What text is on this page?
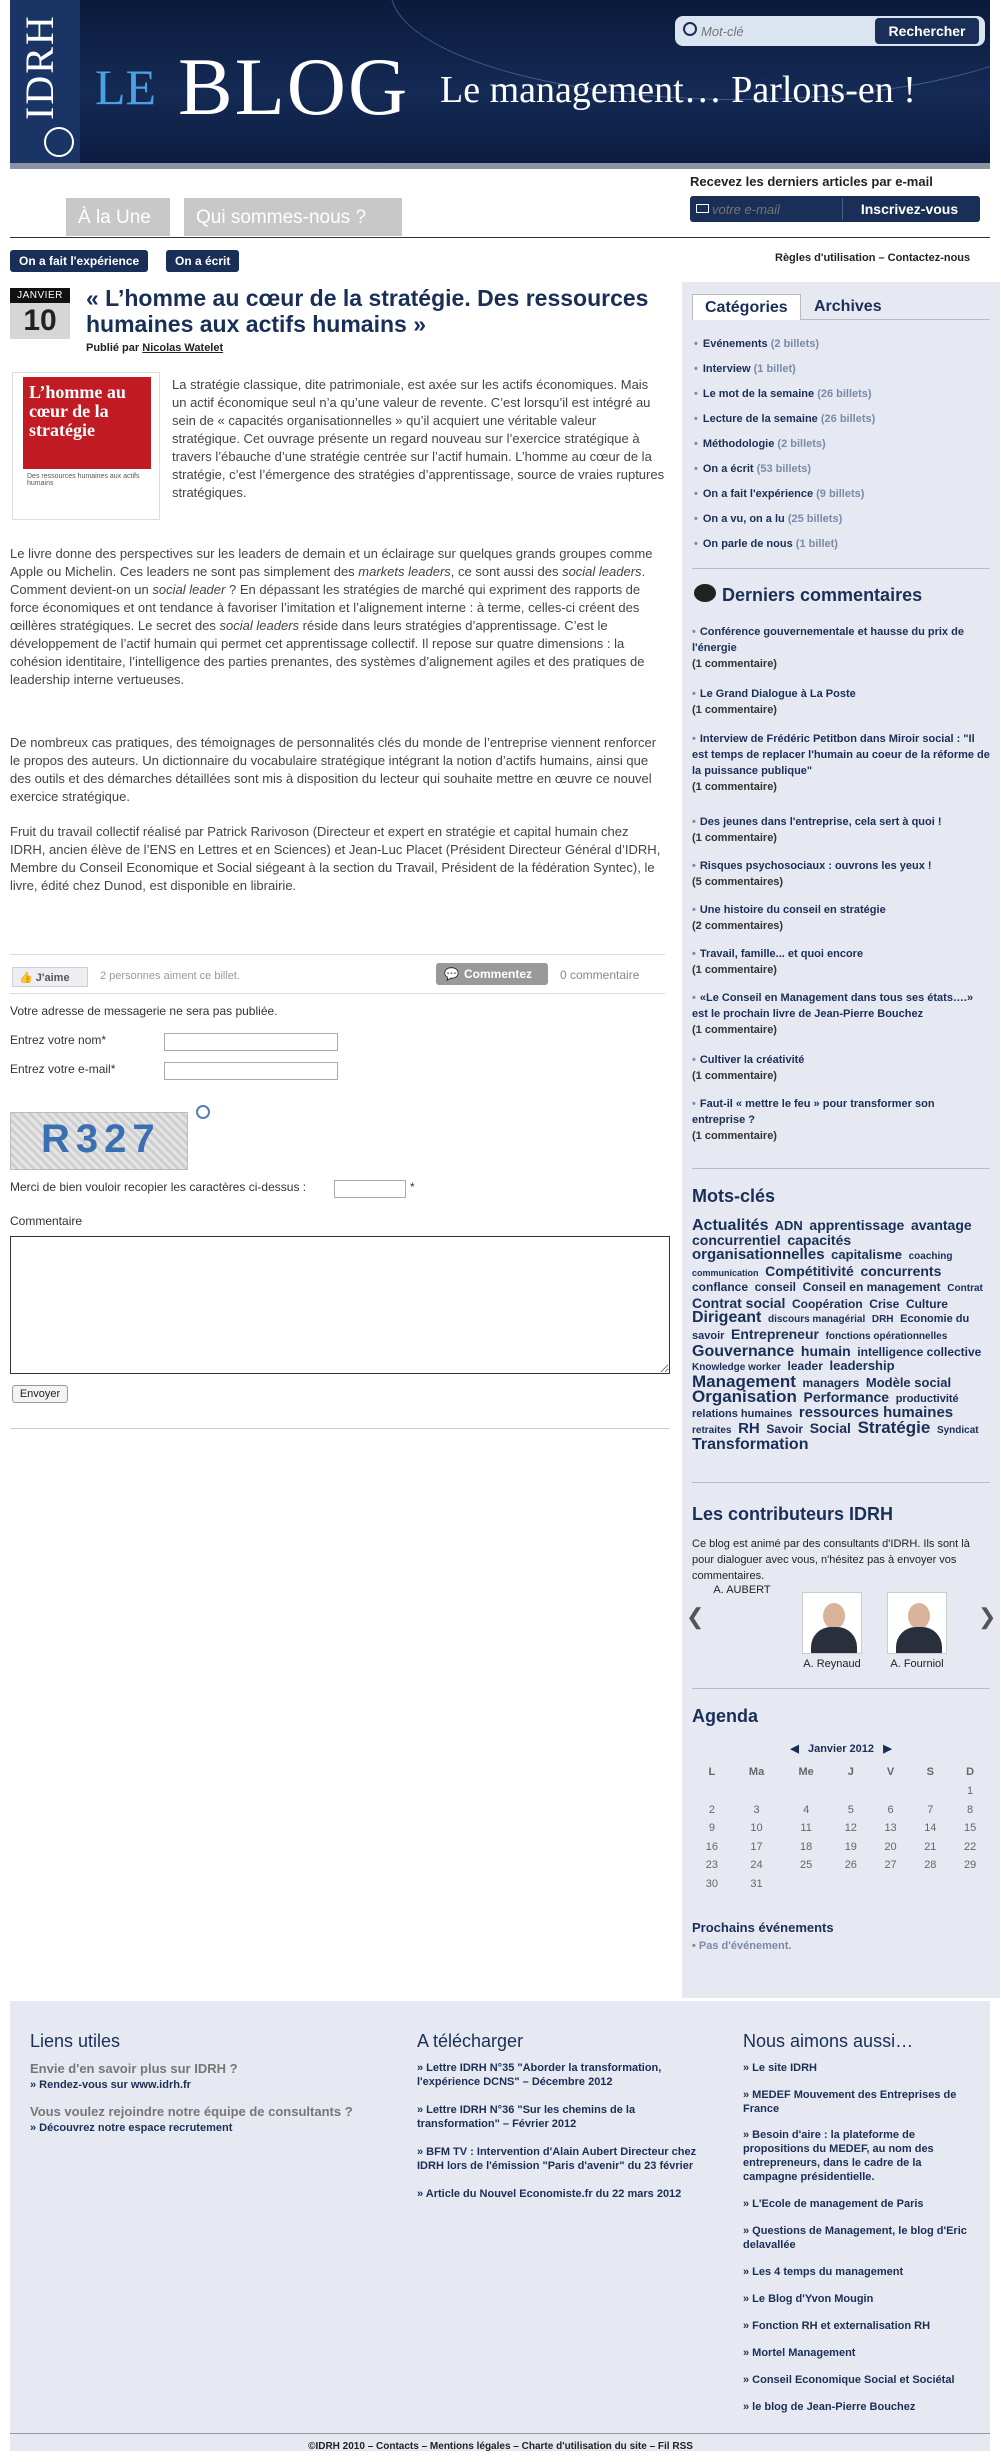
IDRH LE BLOG Le management… Parlons-en !
Mot-clé
Rechercher
Recevez les derniers articles par e-mail
votre e-mail
Inscrivez-vous
À la Une	Qui sommes-nous ?
On a fait l'expérience	On a écrit	Règles d'utilisation – Contactez-nous
JANVIER
10
« L’homme au cœur de la stratégie. Des ressources humaines aux actifs humains »
Publié par Nicolas Watelet
L’homme au cœur de la stratégie
Des ressources humaines aux actifs humains
La stratégie classique, dite patrimoniale, est axée sur les actifs économiques. Mais un actif économique seul n’a qu’une valeur de revente. C’est lorsqu’il est intégré au sein de « capacités organisationnelles » qu’il acquiert une véritable valeur stratégique. Cet ouvrage présente un regard nouveau sur l’exercice stratégique à travers l’ébauche d’une stratégie centrée sur l’actif humain. L’homme au cœur de la stratégie, c’est l’émergence des stratégies d’apprentissage, source de vraies ruptures stratégiques.
Le livre donne des perspectives sur les leaders de demain et un éclairage sur quelques grands groupes comme Apple ou Michelin. Ces leaders ne sont pas simplement des markets leaders, ce sont aussi des social leaders. Comment devient-on un social leader ? En dépassant les stratégies de marché qui expriment des rapports de force économiques et ont tendance à favoriser l’imitation et l’alignement interne : à terme, celles-ci créent des œillères stratégiques. Le secret des social leaders réside dans leurs stratégies d’apprentissage. C’est le développement de l’actif humain qui permet cet apprentissage collectif. Il repose sur quatre dimensions : la cohésion identitaire, l’intelligence des parties prenantes, des systèmes d’alignement agiles et des pratiques de leadership interne vertueuses.
De nombreux cas pratiques, des témoignages de personnalités clés du monde de l’entreprise viennent renforcer le propos des auteurs. Un dictionnaire du vocabulaire stratégique intégrant la notion d’actifs humains, ainsi que des outils et des démarches détaillées sont mis à disposition du lecteur qui souhaite mettre en œuvre ce nouvel exercice stratégique.
Fruit du travail collectif réalisé par Patrick Rarivoson (Directeur et expert en stratégie et capital humain chez IDRH, ancien élève de l’ENS en Lettres et en Sciences) et Jean-Luc Placet (Président Directeur Général d’IDRH, Membre du Conseil Economique et Social siégeant à la section du Travail, Président de la fédération Syntec), le livre, édité chez Dunod, est disponible en librairie.
👍 J'aime	2 personnes aiment ce billet.	💬 Commentez	0 commentaire
Votre adresse de messagerie ne sera pas publiée.
Entrez votre nom*
Entrez votre e-mail*
R327
Merci de bien vouloir recopier les caractères ci-dessus :	*
Commentaire
Envoyer
Catégories	Archives
• Evénements (2 billets)
• Interview (1 billet)
• Le mot de la semaine (26 billets)
• Lecture de la semaine (26 billets)
• Méthodologie (2 billets)
• On a écrit (53 billets)
• On a fait l'expérience (9 billets)
• On a vu, on a lu (25 billets)
• On parle de nous (1 billet)
Derniers commentaires
• Conférence gouvernementale et hausse du prix de l'énergie
(1 commentaire)
• Le Grand Dialogue à La Poste
(1 commentaire)
• Interview de Frédéric Petitbon dans Miroir social : "Il est temps de replacer l'humain au coeur de la réforme de la puissance publique"
(1 commentaire)
• Des jeunes dans l'entreprise, cela sert à quoi !
(1 commentaire)
• Risques psychosociaux : ouvrons les yeux !
(5 commentaires)
• Une histoire du conseil en stratégie
(2 commentaires)
• Travail, famille... et quoi encore
(1 commentaire)
• «Le Conseil en Management dans tous ses états….» est le prochain livre de Jean-Pierre Bouchez
(1 commentaire)
• Cultiver la créativité
(1 commentaire)
• Faut-il « mettre le feu » pour transformer son entreprise ?
(1 commentaire)
Mots-clés
Actualités ADN apprentissage avantage concurrentiel capacités organisationnelles capitalisme coaching communication Compétitivité concurrents conflance conseil Conseil en management Contrat Contrat social Coopération Crise Culture Dirigeant discours managérial DRH Economie du savoir Entrepreneur fonctions opérationnelles Gouvernance humain intelligence collective Knowledge worker leader leadership Management managers Modèle social Organisation Performance productivité relations humaines ressources humaines retraites RH Savoir Social Stratégie Syndicat Transformation
Les contributeurs IDRH
Ce blog est animé par des consultants d'IDRH. Ils sont là pour dialoguer avec vous, n'hésitez pas à envoyer vos commentaires.
❮	❯
A. AUBERT
A. Reynaud	A. Fourniol
Agenda
◀   Janvier 2012   ▶
L	Ma	Me	J	V	S	D
						1
2	3	4	5	6	7	8
9	10	11	12	13	14	15
16	17	18	19	20	21	22
23	24	25	26	27	28	29
30	31					
Prochains événements
• Pas d'événement.
Liens utiles
Envie d'en savoir plus sur IDRH ?
» Rendez-vous sur www.idrh.fr
Vous voulez rejoindre notre équipe de consultants ?
» Découvrez notre espace recrutement
A télécharger
» Lettre IDRH N°35 "Aborder la transformation, l'expérience DCNS" – Décembre 2012
» Lettre IDRH N°36 "Sur les chemins de la transformation" – Février 2012
» BFM TV : Intervention d'Alain Aubert Directeur chez IDRH lors de l'émission "Paris d'avenir" du 23 février
» Article du Nouvel Economiste.fr du 22 mars 2012
Nous aimons aussi…
» Le site IDRH
» MEDEF Mouvement des Entreprises de France
» Besoin d'aire : la plateforme de propositions du MEDEF, au nom des entrepreneurs, dans le cadre de la campagne présidentielle.
» L'Ecole de management de Paris
» Questions de Management, le blog d'Eric delavallée
» Les 4 temps du management
» Le Blog d'Yvon Mougin
» Fonction RH et externalisation RH
» Mortel Management
» Conseil Economique Social et Sociétal
» le blog de Jean-Pierre Bouchez
©IDRH 2010 – Contacts – Mentions légales – Charte d'utilisation du site – Fil RSS
